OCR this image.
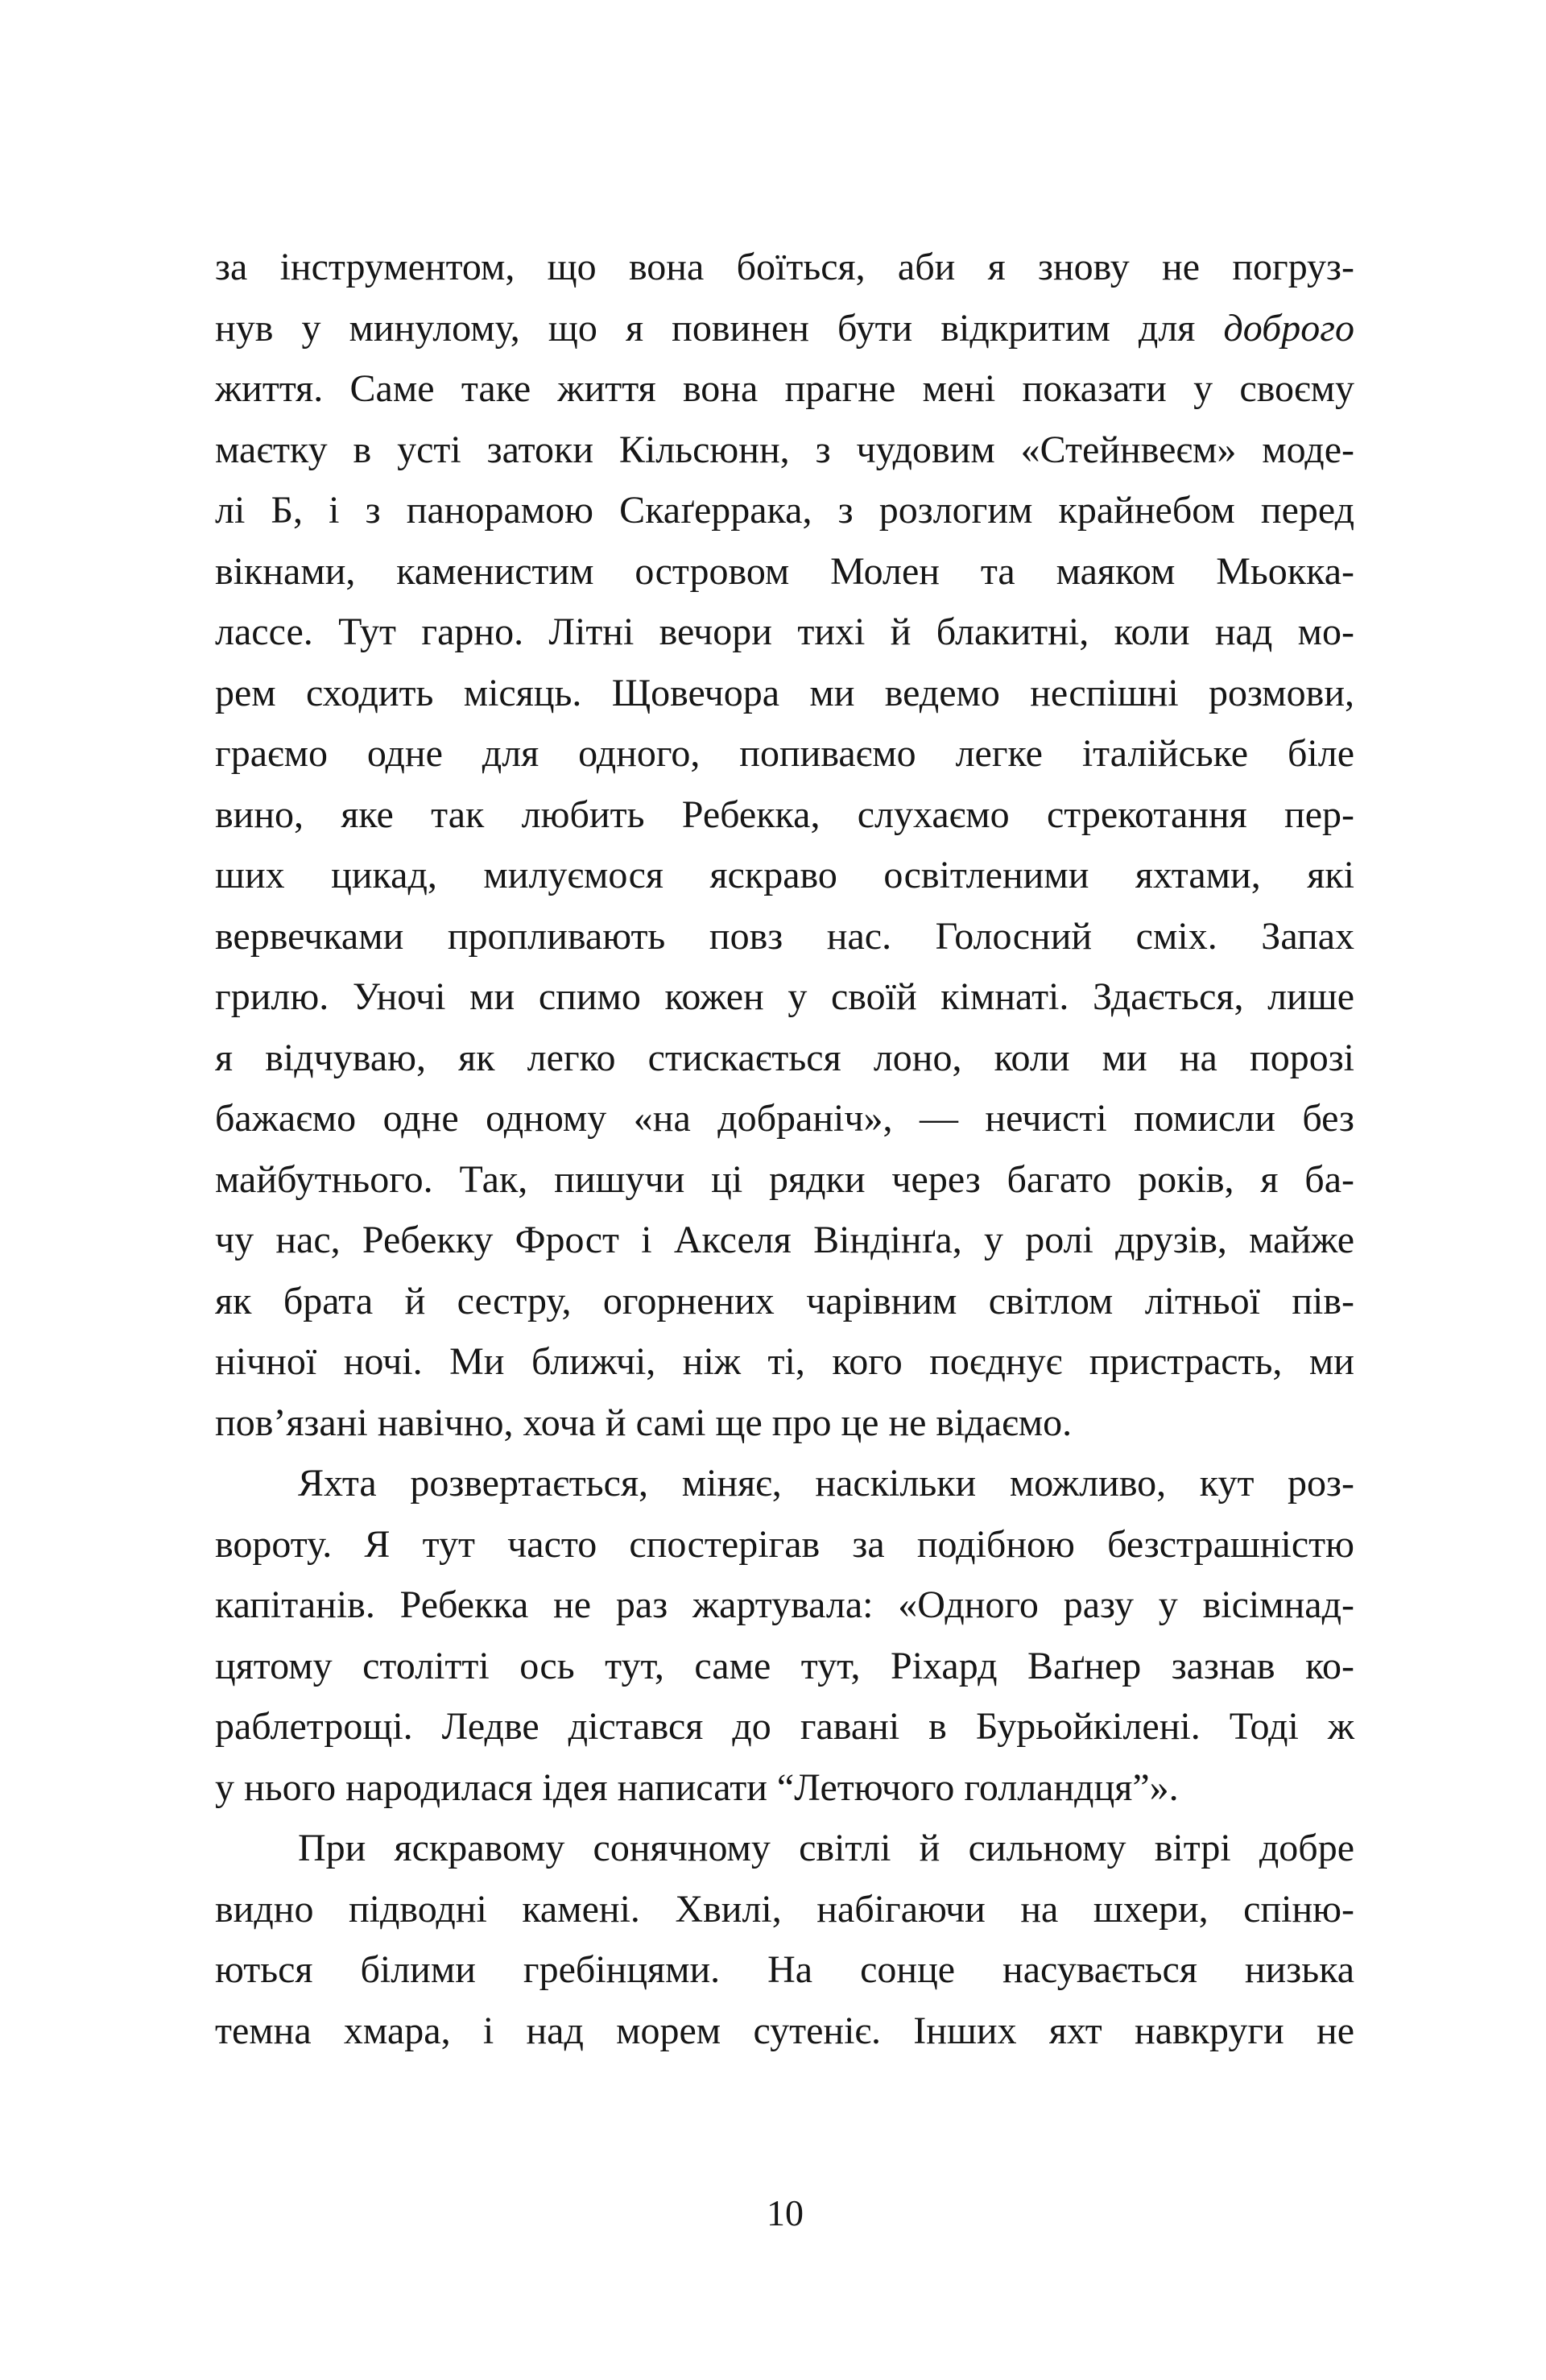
за інструментом, що вона боїться, аби я знову не погруз-
нув у минулому, що я повинен бути відкритим для доброго
життя. Саме таке життя вона прагне мені показати у своєму
маєтку в усті затоки Кільсюнн, з чудовим «Стейнвеєм» моде-
лі Б, і з панорамою Скаґеррака, з розлогим крайнебом перед
вікнами, каменистим островом Молен та маяком Мьокка-
лассе. Тут гарно. Літні вечори тихі й блакитні, коли над мо-
рем сходить місяць. Щовечора ми ведемо неспішні розмови,
граємо одне для одного, попиваємо легке італійське біле
вино, яке так любить Ребекка, слухаємо стрекотання пер-
ших цикад, милуємося яскраво освітленими яхтами, які
вервечками пропливають повз нас. Голосний сміх. Запах
грилю. Уночі ми спимо кожен у своїй кімнаті. Здається, лише
я відчуваю, як легко стискається лоно, коли ми на порозі
бажаємо одне одному «на добраніч», — нечисті помисли без
майбутнього. Так, пишучи ці рядки через багато років, я ба-
чу нас, Ребекку Фрост і Акселя Віндінґа, у ролі друзів, майже
як брата й сестру, огорнених чарівним світлом літньої пів-
нічної ночі. Ми ближчі, ніж ті, кого поєднує пристрасть, ми
пов’язані навічно, хоча й самі ще про це не відаємо.
Яхта розвертається, міняє, наскільки можливо, кут роз-
вороту. Я тут часто спостерігав за подібною безстрашністю
капітанів. Ребекка не раз жартувала: «Одного разу у вісімнад-
цятому столітті ось тут, саме тут, Ріхард Ваґнер зазнав ко-
раблетрощі. Ледве дістався до гавані в Бурьойкілені. Тоді ж
у нього народилася ідея написати “Летючого голландця”».
При яскравому сонячному світлі й сильному вітрі добре
видно підводні камені. Хвилі, набігаючи на шхери, спіню-
ються білими гребінцями. На сонце насувається низька
темна хмара, і над морем сутеніє. Інших яхт навкруги не
10
